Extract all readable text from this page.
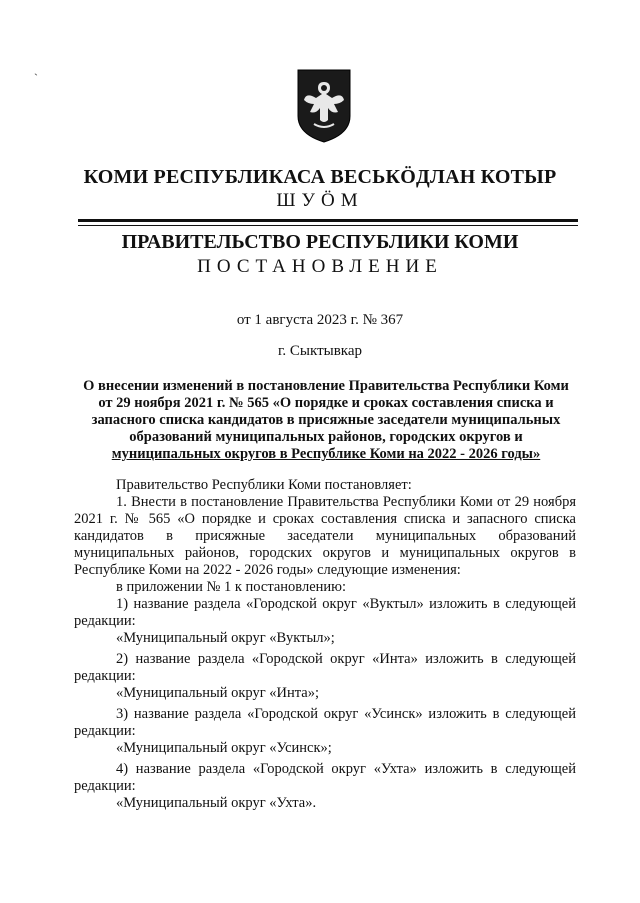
ˎ
КОМИ РЕСПУБЛИКАСА ВЕСЬКӦДЛАН КОТЫР
ШУӦМ
ПРАВИТЕЛЬСТВО РЕСПУБЛИКИ КОМИ
ПОСТАНОВЛЕНИЕ
от 1 августа 2023 г. № 367
г. Сыктывкар
О внесении изменений в постановление Правительства Республики Коми
от 29 ноября 2021 г. № 565 «О порядке и сроках составления списка и
запасного списка кандидатов в присяжные заседатели муниципальных
образований муниципальных районов, городских округов и
муниципальных округов в Республике Коми на 2022 - 2026 годы»

Правительство Республики Коми постановляет:

1. Внести в постановление Правительства Республики Коми от 29 ноября

2021 г. № 565 «О порядке и сроках составления списка и запасного списка

кандидатов в присяжные заседатели муниципальных образований

муниципальных районов, городских округов и муниципальных округов в

Республике Коми на 2022 - 2026 годы» следующие изменения:

в приложении № 1 к постановлению:

1) название раздела «Городской округ «Вуктыл» изложить в следующей

редакции:

«Муниципальный округ «Вуктыл»;

2) название раздела «Городской округ «Инта» изложить в следующей

редакции:

«Муниципальный округ «Инта»;

3) название раздела «Городской округ «Усинск» изложить в следующей

редакции:

«Муниципальный округ «Усинск»;

4) название раздела «Городской округ «Ухта» изложить в следующей

редакции:

«Муниципальный округ «Ухта».
